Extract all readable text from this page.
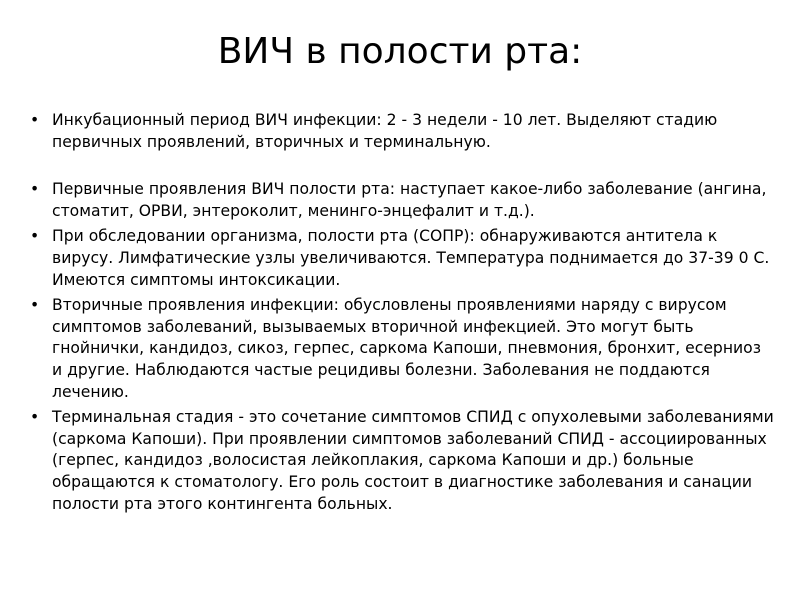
ВИЧ в полости рта:
• Инкубационный период ВИЧ инфекции: 2 - 3 недели - 10 лет. Выделяют стадию первичных проявлений, вторичных и терминальную.
• Первичные проявления ВИЧ полости рта: наступает какое-либо заболевание (ангина, стоматит, ОРВИ, энтероколит, менинго-энцефалит и т.д.).
• При обследовании организма, полости рта (СОПР): обнаруживаются антитела к вирусу. Лимфатические узлы увеличиваются. Температура поднимается до 37-39 0 С. Имеются симптомы интоксикации.
• Вторичные проявления инфекции: обусловлены проявлениями наряду с вирусом симптомов заболеваний, вызываемых вторичной инфекцией. Это могут быть гнойнички, кандидоз, сикоз, герпес, саркома Капоши, пневмония, бронхит, есерниоз и другие. Наблюдаются частые рецидивы болезни. Заболевания не поддаются лечению.
• Терминальная стадия - это сочетание симптомов СПИД с опухолевыми заболеваниями (саркома Капоши). При проявлении симптомов заболеваний СПИД - ассоциированных (герпес, кандидоз ,волосистая лейкоплакия, саркома Капоши и др.) больные обращаются к стоматологу. Его роль состоит в диагностике заболевания и санации полости рта этого контингента больных.
